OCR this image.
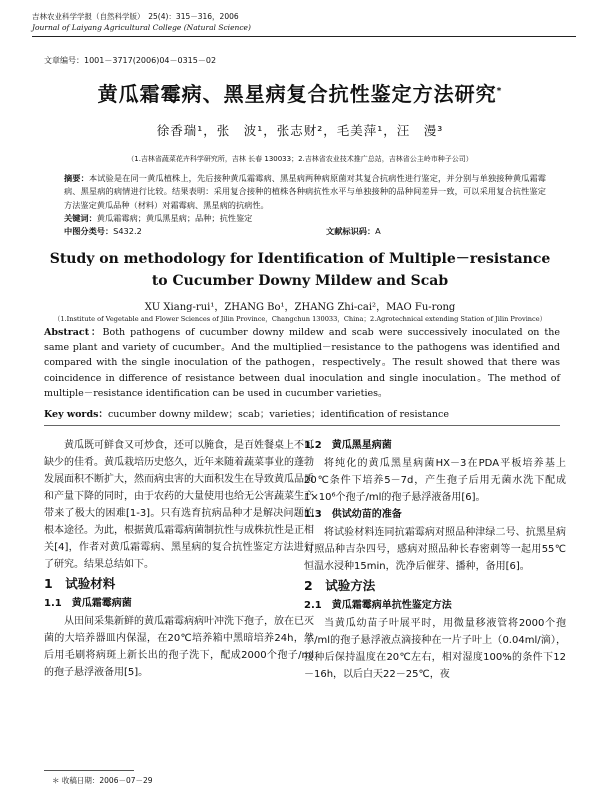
吉林农业科学学报（自然科学版）　25(4)：315－316，2006
Journal of Laiyang Agricultural College (Natural Science)
文章编号：1001－3717(2006)04－0315－02
黄瓜霜霉病、黑星病复合抗性鉴定方法研究*
徐香瑞¹，张　波¹，张志财²，毛美萍¹，汪　漫³
（1.吉林省蔬菜花卉科学研究所，吉林 长春 130033；2.吉林省农业技术推广总站，吉林省公主岭市种子公司）
摘要：本试验是在同一黄瓜植株上，先后接种黄瓜霜霉病、黑星病两种病原菌对其复合抗病性进行鉴定，并分别与单独接种黄瓜霜霉病、黑星病的病情进行比较。结果表明：采用复合接种的植株各种病抗性水平与单独接种的品种间差异一致，可以采用复合抗性鉴定方法鉴定黄瓜品种（材料）对霜霉病、黑星病的抗病性。
关键词：黄瓜霜霉病；黄瓜黑星病；品种；抗性鉴定
中图分类号：S432.2	文献标识码：A
Study on methodology for Identification of Multiple－resistance
to Cucumber Downy Mildew and Scab
XU Xiang-rui¹，ZHANG Bo¹，ZHANG Zhi-cai²，MAO Fu-rong
（1.Institute of Vegetable and Flower Sciences of Jilin Province，Changchun 130033，China；2.Agrotechnical extending Station of Jilin Province）
Abstract：Both pathogens of cucumber downy mildew and scab were successively inoculated on the same plant and variety of cucumber。And the multiplied－resistance to the pathogens was identified and compared with the single inoculation of the pathogen，respectively。The result showed that there was coincidence in difference of resistance between dual inoculation and single inoculation。The method of multiple－resistance identification can be used in cucumber varieties。
Key words：cucumber downy mildew；scab；varieties；identification of resistance

黄瓜既可鲜食又可炒食，还可以腌食，是百姓餐桌上不可缺少的佳肴。黄瓜栽培历史悠久，近年来随着蔬菜事业的蓬勃发展面积不断扩大，然而病虫害的大面积发生在导致黄瓜品质和产量下降的同时，由于农药的大量使用也给无公害蔬菜生产带来了极大的困难[1-3]。只有选育抗病品种才是解决问题的根本途径。为此，根据黄瓜霜霉病菌制抗性与成株抗性是正相关[4]，作者对黄瓜霜霉病、黑星病的复合抗性鉴定方法进行了研究。结果总结如下。

1　试验材料
1.1　黄瓜霜霉病菌

从田间采集新鲜的黄瓜霜霉病病叶冲洗下孢子，放在已灭菌的大培养器皿内保湿，在20℃培养箱中黑暗培养24h，然后用毛刷将病斑上新长出的孢子洗下，配成2000个孢子/ml的孢子悬浮液备用[5]。

1.2　黄瓜黑星病菌

将纯化的黄瓜黑星病菌HX－3在PDA平板培养基上20℃条件下培养5－7d，产生孢子后用无菌水洗下配成1×10⁶个孢子/ml的孢子悬浮液备用[6]。

1.3　供试幼苗的准备

将试验材料连同抗霜霉病对照品种津绿二号、抗黑星病对照品种吉杂四号，感病对照品种长春密刺等一起用55℃恒温水浸种15min，洗净后催芽、播种，备用[6]。

2　试验方法
2.1　黄瓜霜霉病单抗性鉴定方法

当黄瓜幼苗子叶展平时，用微量移液管将2000个孢子/ml的孢子悬浮液点滴接种在一片子叶上（0.04ml/滴），接种后保持温度在20℃左右，相对湿度100%的条件下12－16h，以后白天22－25℃，夜

＊ 收稿日期：2006－07－29
